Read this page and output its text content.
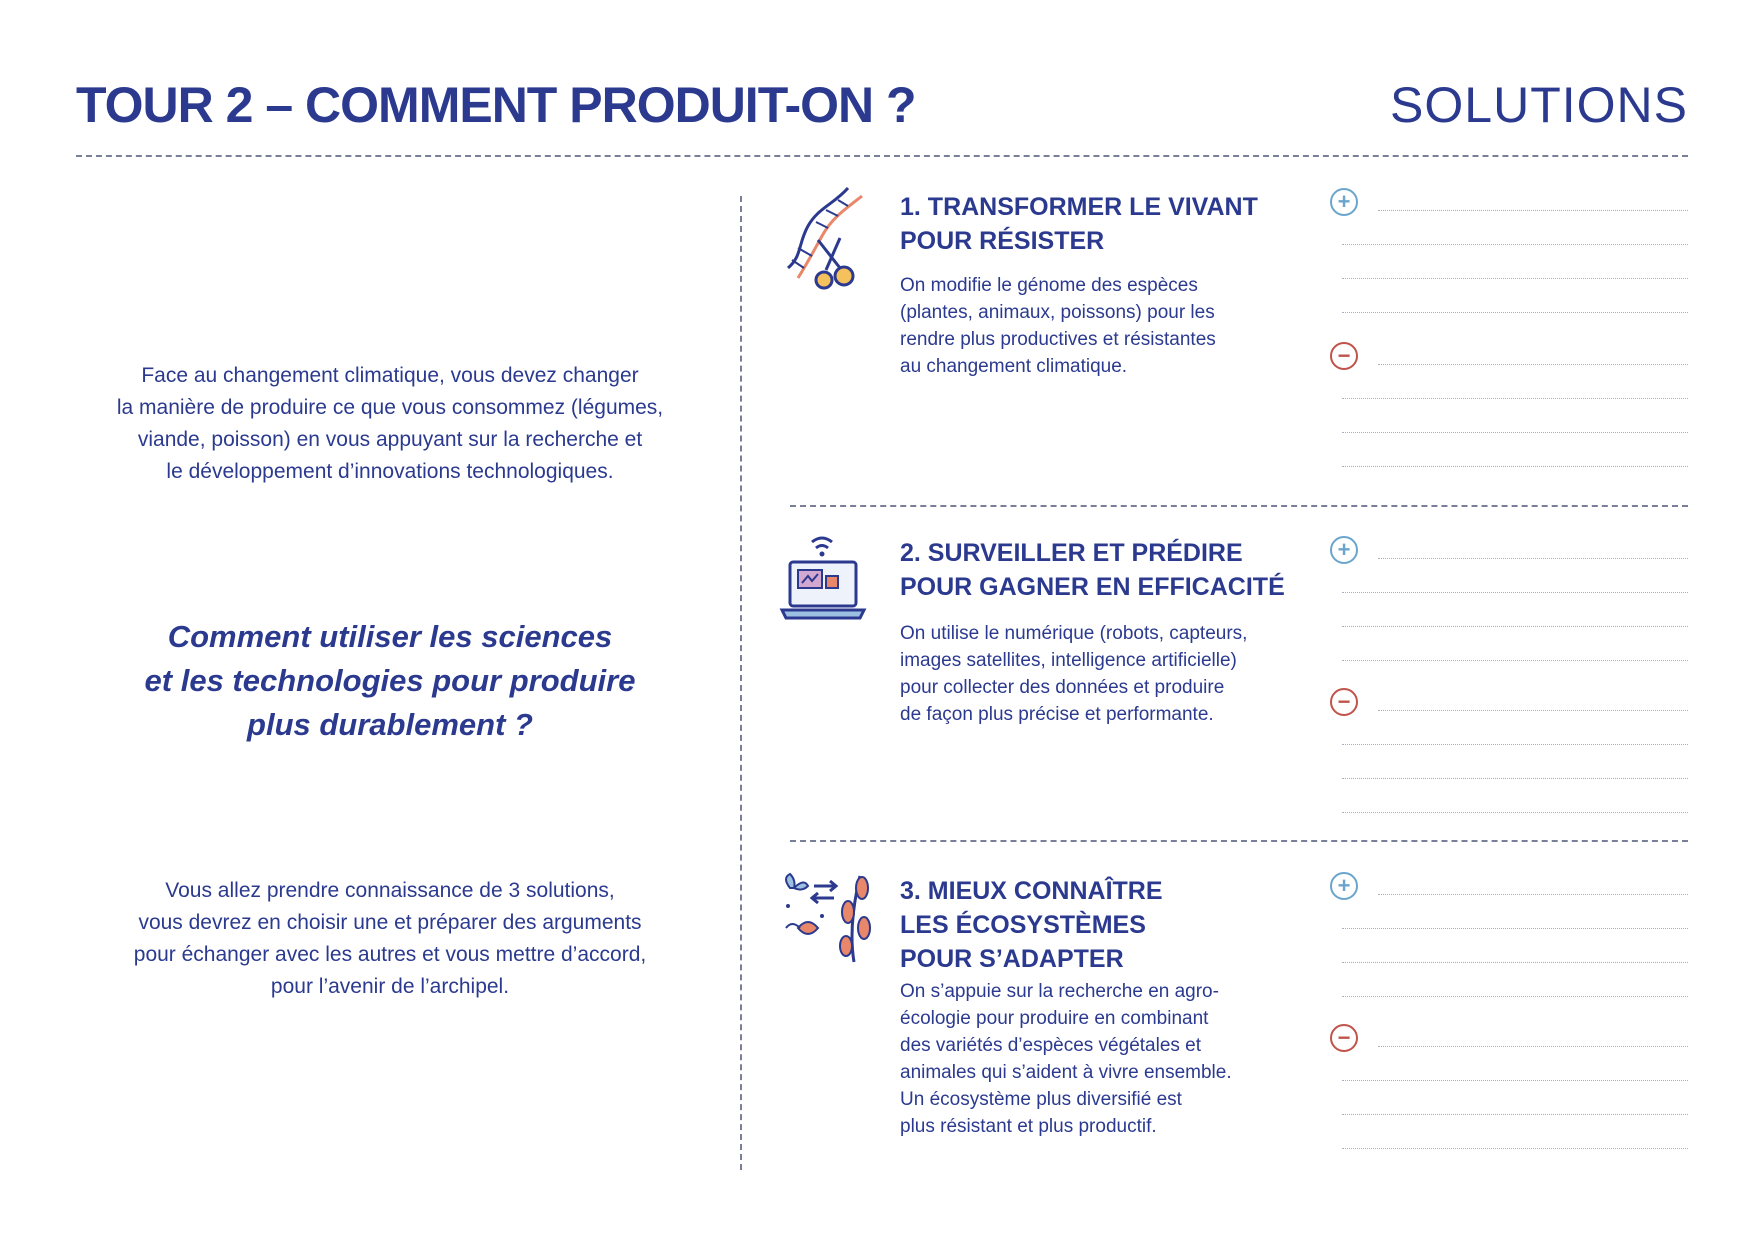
TOUR 2 – COMMENT PRODUIT-ON ?	SOLUTIONS
Face au changement climatique, vous devez changer
la manière de produire ce que vous consommez (légumes,
viande, poisson) en vous appuyant sur la recherche et
le développement d’innovations technologiques.
Comment utiliser les sciences
et les technologies pour produire
plus durablement ?
Vous allez prendre connaissance de 3 solutions,
vous devrez en choisir une et préparer des arguments
pour échanger avec les autres et vous mettre d’accord,
pour l’avenir de l’archipel.
1. TRANSFORMER LE VIVANT
POUR RÉSISTER
On modifie le génome des espèces
(plantes, animaux, poissons) pour les
rendre plus productives et résistantes
au changement climatique.
+
−
2. SURVEILLER ET PRÉDIRE
POUR GAGNER EN EFFICACITÉ
On utilise le numérique (robots, capteurs,
images satellites, intelligence artificielle)
pour collecter des données et produire
de façon plus précise et performante.
+
−
3. MIEUX CONNAÎTRE
LES ÉCOSYSTÈMES
POUR S’ADAPTER
On s’appuie sur la recherche en agro-
écologie pour produire en combinant
des variétés d’espèces végétales et
animales qui s’aident à vivre ensemble.
Un écosystème plus diversifié est
plus résistant et plus productif.
+
−
